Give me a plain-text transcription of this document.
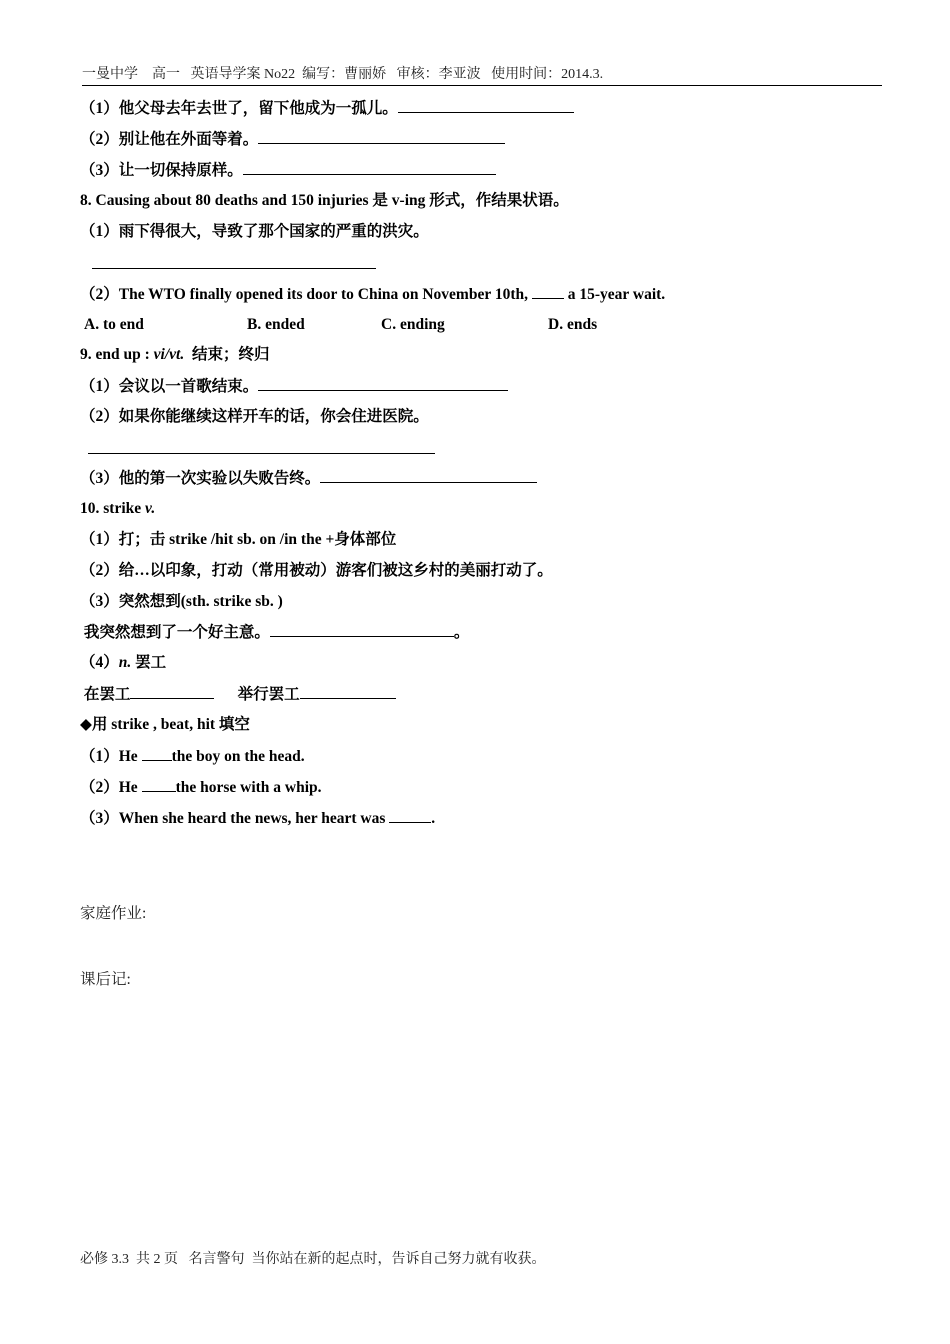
一曼中学    高一   英语导学案 No22  编写：曹丽娇   审核：李亚波   使用时间：2014.3.
（1）他父母去年去世了，留下他成为一孤儿。
（2）别让他在外面等着。
（3）让一切保持原样。
8. Causing about 80 deaths and 150 injuries 是 v-ing 形式，作结果状语。
（1）雨下得很大，导致了那个国家的严重的洪灾。
（2）The WTO finally opened its door to China on November 10th,  a 15-year wait.
A. to end	B. ended	C. ending	D. ends
9. end up : vi/vt.  结束；终归
（1）会议以一首歌结束。
（2）如果你能继续这样开车的话，你会住进医院。
（3）他的第一次实验以失败告终。
10. strike v.
（1）打；击 strike /hit sb. on /in the +身体部位
（2）给…以印象，打动（常用被动）游客们被这乡村的美丽打动了。
（3）突然想到(sth. strike sb. )
我突然想到了一个好主意。	。
（4）n. 罢工
在罢工	举行罢工
◆用 strike , beat, hit 填空
（1）He the boy on the head.
（2）He the horse with a whip.
（3）When she heard the news, her heart was	.
家庭作业:
课后记:
必修 3.3  共 2 页   名言警句  当你站在新的起点时，告诉自己努力就有收获。
